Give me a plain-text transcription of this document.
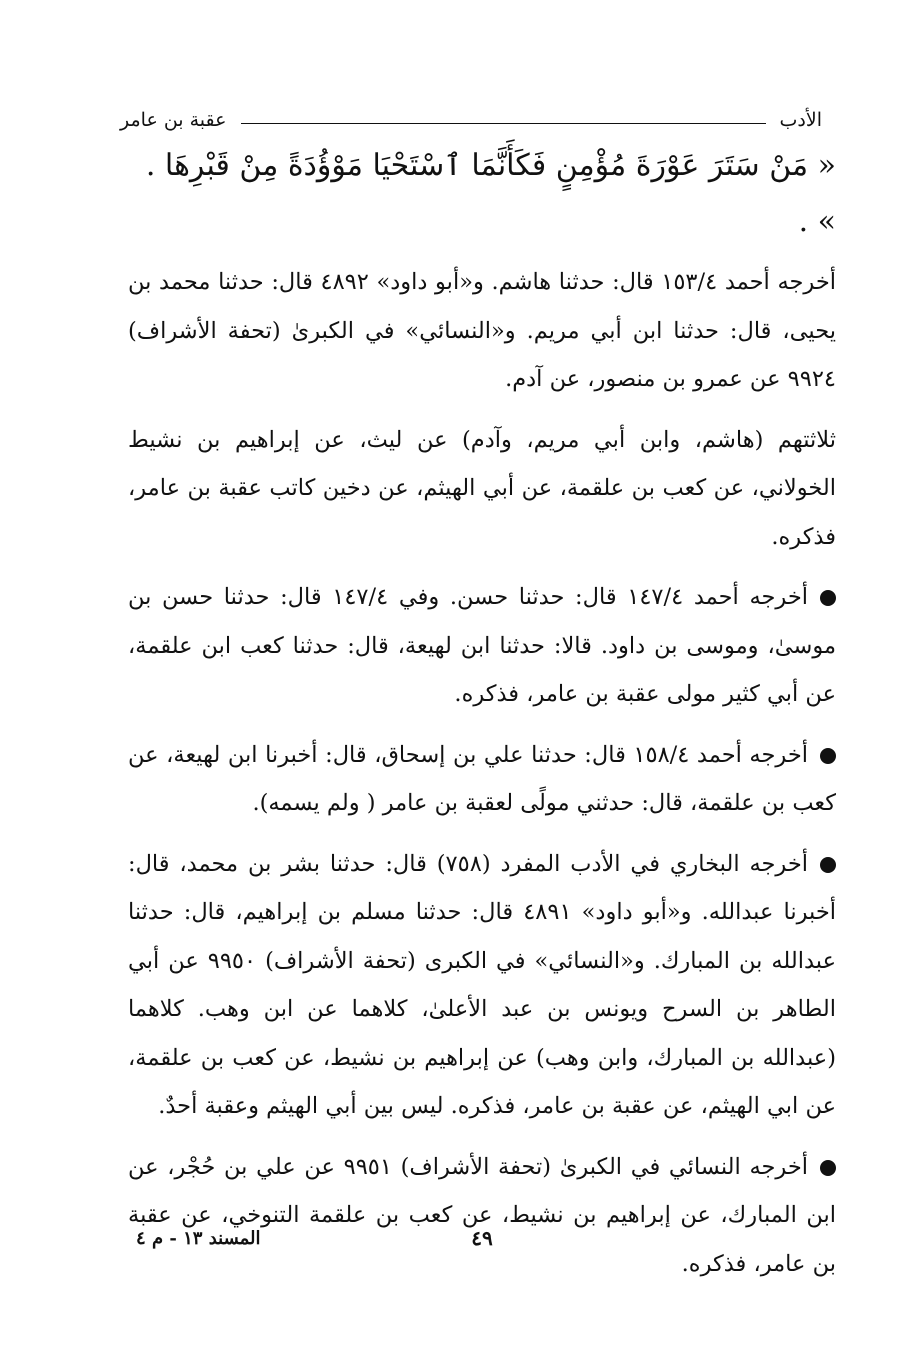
الأدب
عقبة بن عامر

« مَنْ سَتَرَ عَوْرَةَ مُؤْمِنٍ فَكَأَنَّمَا ٱسْتَحْيَا مَوْؤُدَةً مِنْ قَبْرِهَا . » .

أخرجه أحمد ١٥٣/٤ قال: حدثنا هاشم. و«أبو داود» ٤٨٩٢ قال: حدثنا محمد بن يحيى، قال: حدثنا ابن أبي مريم. و«النسائي» في الكبرىٰ (تحفة الأشراف) ٩٩٢٤ عن عمرو بن منصور، عن آدم.

ثلاثتهم (هاشم، وابن أبي مريم، وآدم) عن ليث، عن إبراهيم بن نشيط الخولاني، عن كعب بن علقمة، عن أبي الهيثم، عن دخين كاتب عقبة بن عامر، فذكره.

أخرجه أحمد ١٤٧/٤ قال: حدثنا حسن. وفي ١٤٧/٤ قال: حدثنا حسن بن موسىٰ، وموسى بن داود. قالا: حدثنا ابن لهيعة، قال: حدثنا كعب ابن علقمة، عن أبي كثير مولى عقبة بن عامر، فذكره.

أخرجه أحمد ١٥٨/٤ قال: حدثنا علي بن إسحاق، قال: أخبرنا ابن لهيعة، عن كعب بن علقمة، قال: حدثني مولًى لعقبة بن عامر ( ولم يسمه).

أخرجه البخاري في الأدب المفرد (٧٥٨) قال: حدثنا بشر بن محمد، قال: أخبرنا عبدالله. و«أبو داود» ٤٨٩١ قال: حدثنا مسلم بن إبراهيم، قال: حدثنا عبدالله بن المبارك. و«النسائي» في الكبرى (تحفة الأشراف) ٩٩٥٠ عن أبي الطاهر بن السرح ويونس بن عبد الأعلىٰ، كلاهما عن ابن وهب. كلاهما (عبدالله بن المبارك، وابن وهب) عن إبراهيم بن نشيط، عن كعب بن علقمة، عن ابي الهيثم، عن عقبة بن عامر، فذكره. ليس بين أبي الهيثم وعقبة أحدٌ.

أخرجه النسائي في الكبرىٰ (تحفة الأشراف) ٩٩٥١ عن علي بن حُجْر، عن ابن المبارك، عن إبراهيم بن نشيط، عن كعب بن علقمة التنوخي، عن عقبة بن عامر، فذكره.

٤٩
المسند ١٣ - م ٤
